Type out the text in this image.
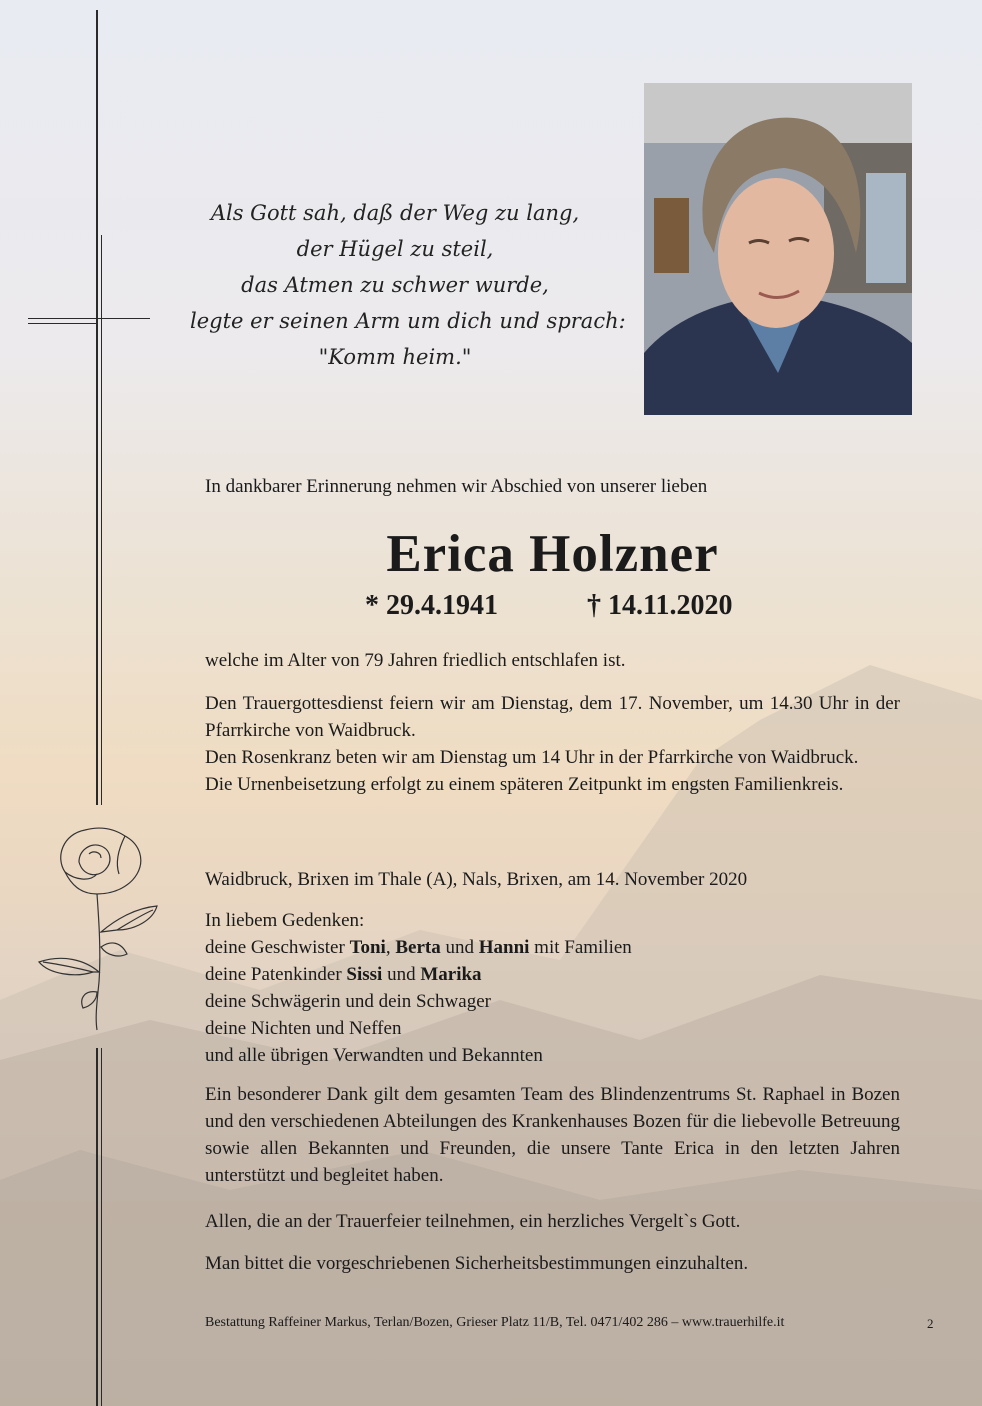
Als Gott sah, daß der Weg zu lang,
der Hügel zu steil,
das Atmen zu schwer wurde,
legte er seinen Arm um dich und sprach:
"Komm heim."
In dankbarer Erinnerung nehmen wir Abschied von unserer lieben
Erica Holzner
* 29.4.1941	† 14.11.2020
welche im Alter von 79 Jahren friedlich entschlafen ist.
Den Trauergottesdienst feiern wir am Dienstag, dem 17. November, um 14.30 Uhr in der Pfarrkirche von Waidbruck.
Den Rosenkranz beten wir am Dienstag um 14 Uhr in der Pfarrkirche von Waidbruck.
Die Urnenbeisetzung erfolgt zu einem späteren Zeitpunkt im engsten Familienkreis.
Waidbruck, Brixen im Thale (A), Nals, Brixen, am 14. November 2020
In liebem Gedenken:
deine Geschwister Toni, Berta und Hanni mit Familien
deine Patenkinder Sissi und Marika
deine Schwägerin und dein Schwager
deine Nichten und Neffen
und alle übrigen Verwandten und Bekannten
Ein besonderer Dank gilt dem gesamten Team des Blindenzentrums St. Raphael in Bozen und den verschiedenen Abteilungen des Krankenhauses Bozen für die liebevolle Betreuung sowie allen Bekannten und Freunden, die unsere Tante Erica in den letzten Jahren unterstützt und begleitet haben.
Allen, die an der Trauerfeier teilnehmen, ein herzliches Vergelt`s Gott.
Man bittet die vorgeschriebenen Sicherheitsbestimmungen einzuhalten.
Bestattung Raffeiner Markus, Terlan/Bozen, Grieser Platz 11/B, Tel. 0471/402 286 – www.trauerhilfe.it	2
